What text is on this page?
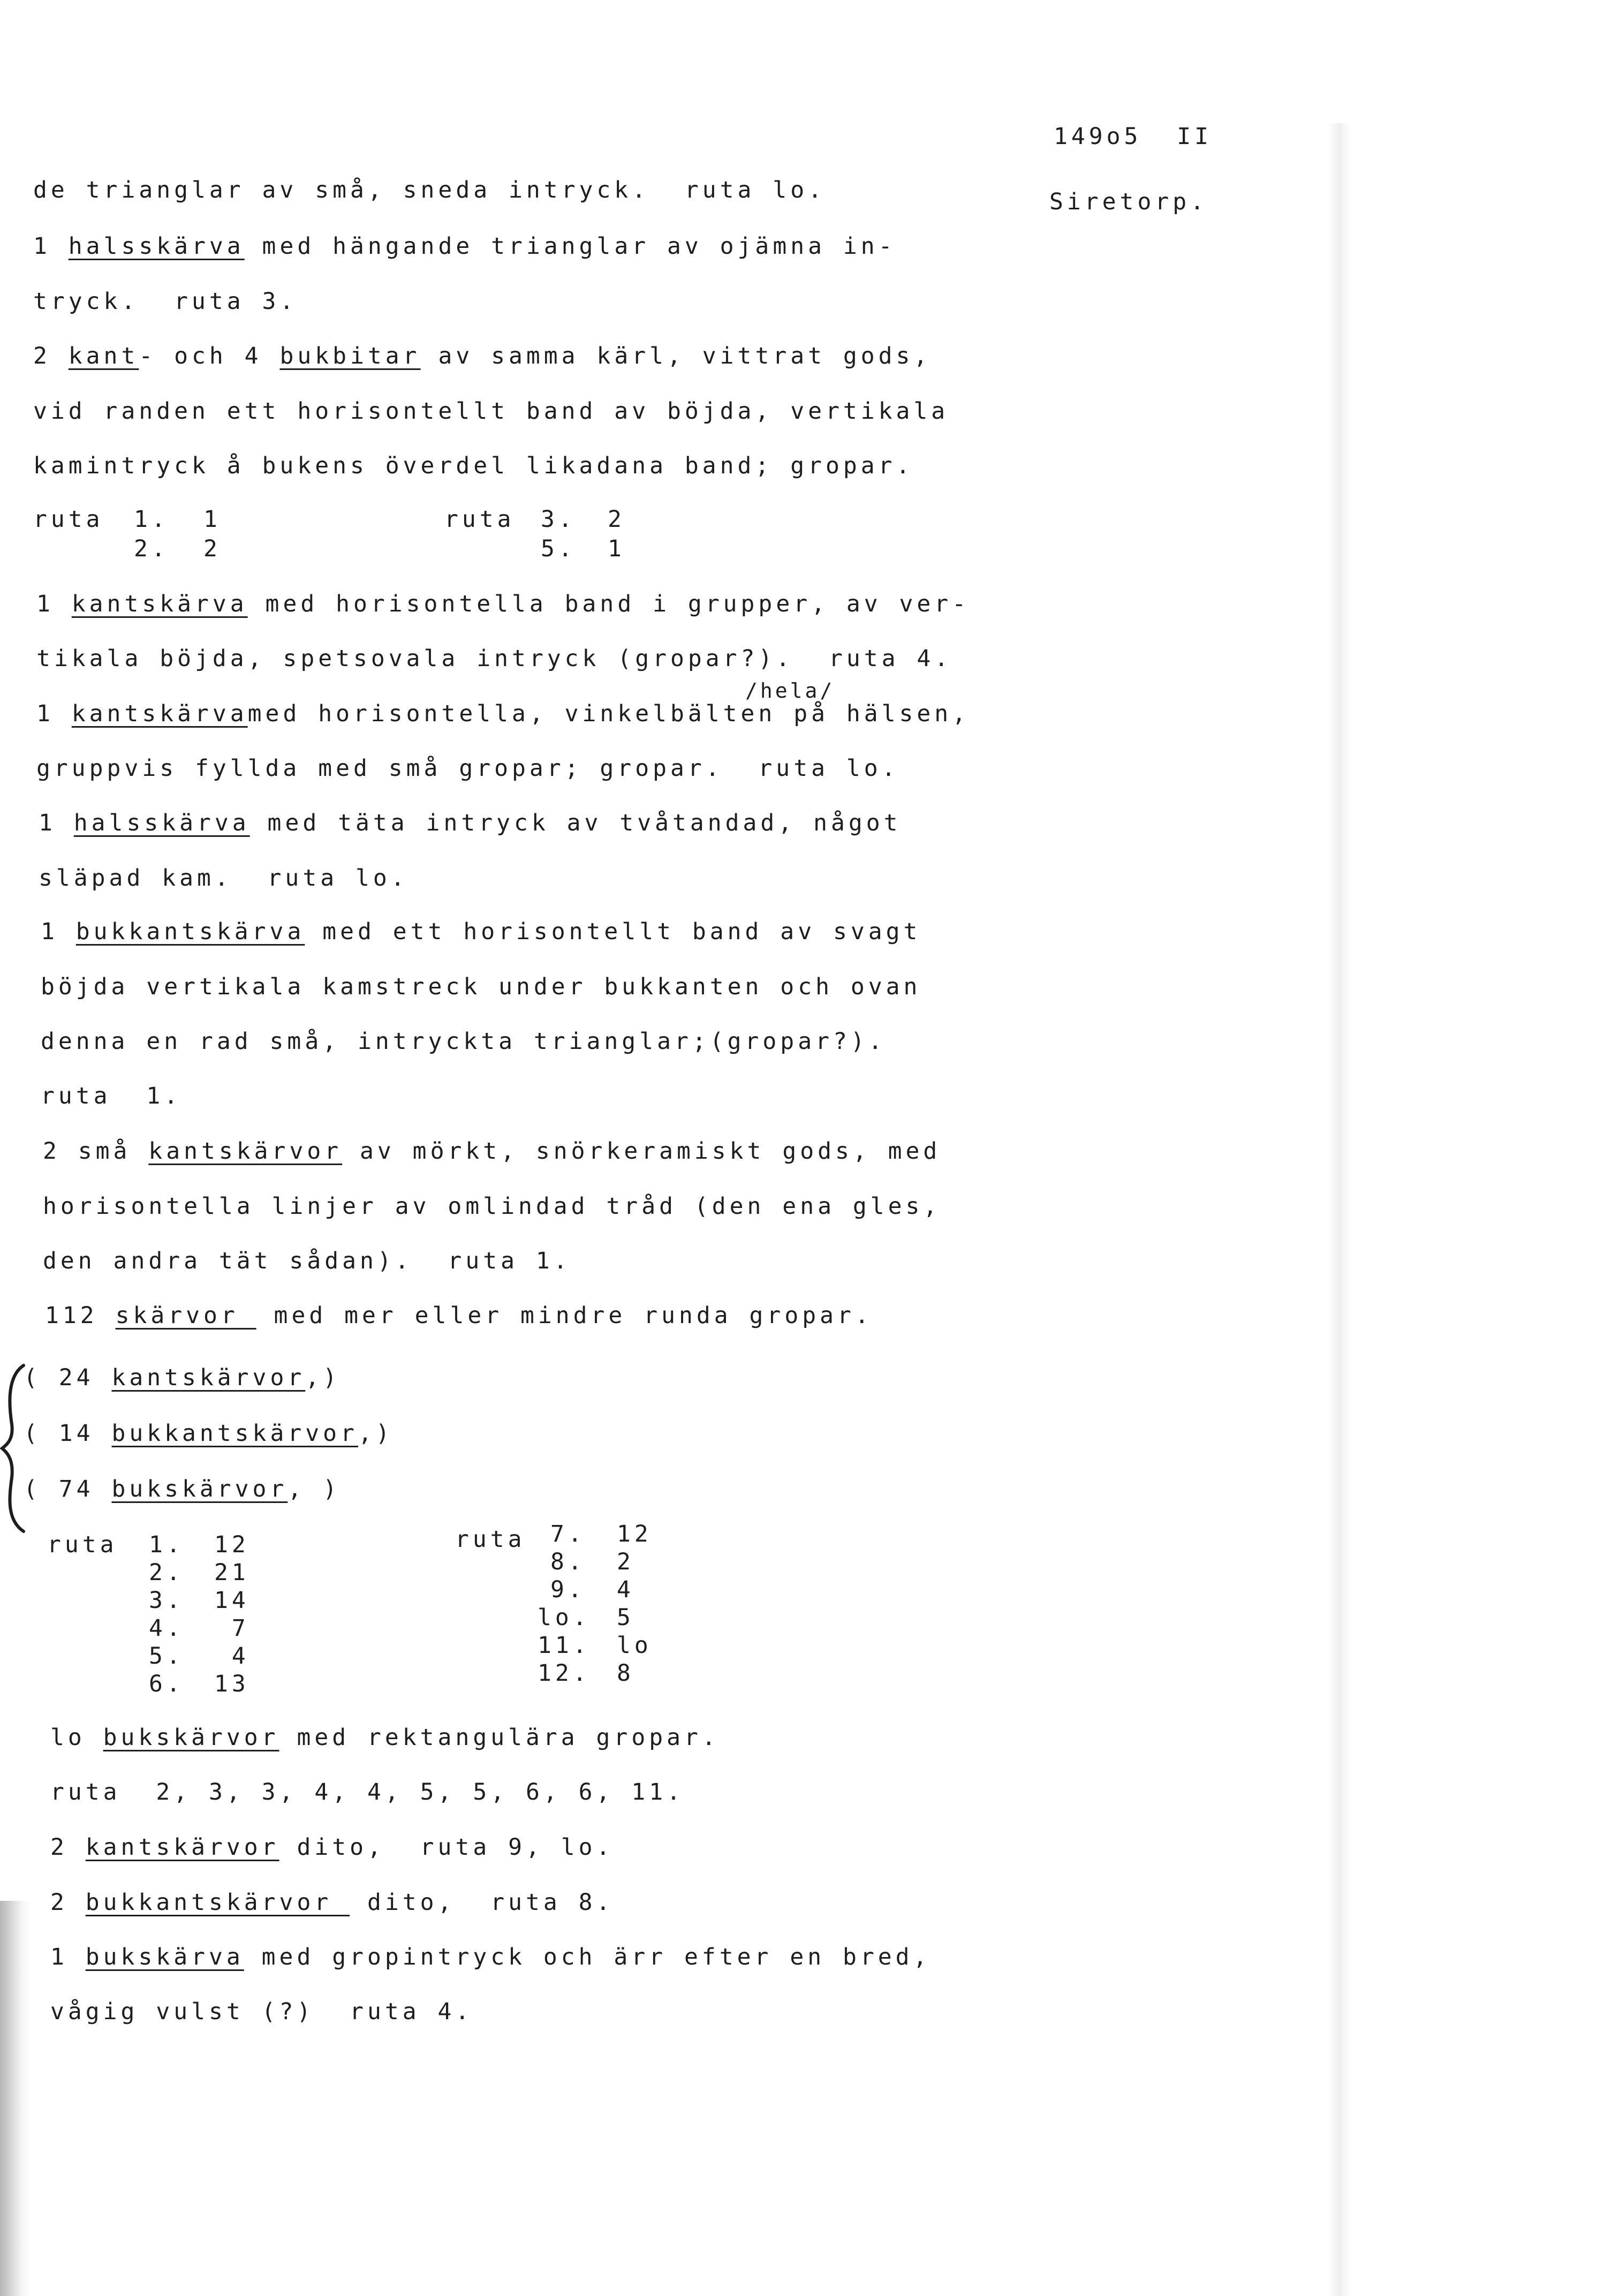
149o5  II
Siretorp.
de trianglar av små, sneda intryck.  ruta lo.
1 halsskärva med hängande trianglar av ojämna in-
tryck.  ruta 3.
2 kant- och 4 bukbitar av samma kärl, vittrat gods,
vid randen ett horisontellt band av böjda, vertikala
kamintryck å bukens överdel likadana band; gropar.
ruta 1. 1
2. 2
ruta 3. 2
5. 1
1 kantskärva med horisontella band i grupper, av ver-
tikala böjda, spetsovala intryck (gropar?).  ruta 4.
/hela/
1 kantskärvamed horisontella, vinkelbälten på hälsen,
gruppvis fyllda med små gropar; gropar.  ruta lo.
1 halsskärva med täta intryck av tvåtandad, något
släpad kam.  ruta lo.
1 bukkantskärva med ett horisontellt band av svagt
böjda vertikala kamstreck under bukkanten och ovan
denna en rad små, intryckta trianglar;(gropar?).
ruta  1.
2 små kantskärvor av mörkt, snörkeramiskt gods, med
horisontella linjer av omlindad tråd (den ena gles,
den andra tät sådan).  ruta 1.
112 skärvor  med mer eller mindre runda gropar.
( 24 kantskärvor,)
( 14 bukkantskärvor,)
( 74 bukskärvor, )
ruta 1. 12
2. 21
3. 14
4. 7
5. 4
6. 13
ruta 7. 12
8. 2
9. 4
lo. 5
11. lo
12. 8
lo bukskärvor med rektangulära gropar.
ruta  2, 3, 3, 4, 4, 5, 5, 6, 6, 11.
2 kantskärvor dito,  ruta 9, lo.
2 bukkantskärvor  dito,  ruta 8.
1 bukskärva med gropintryck och ärr efter en bred,
vågig vulst (?)  ruta 4.
